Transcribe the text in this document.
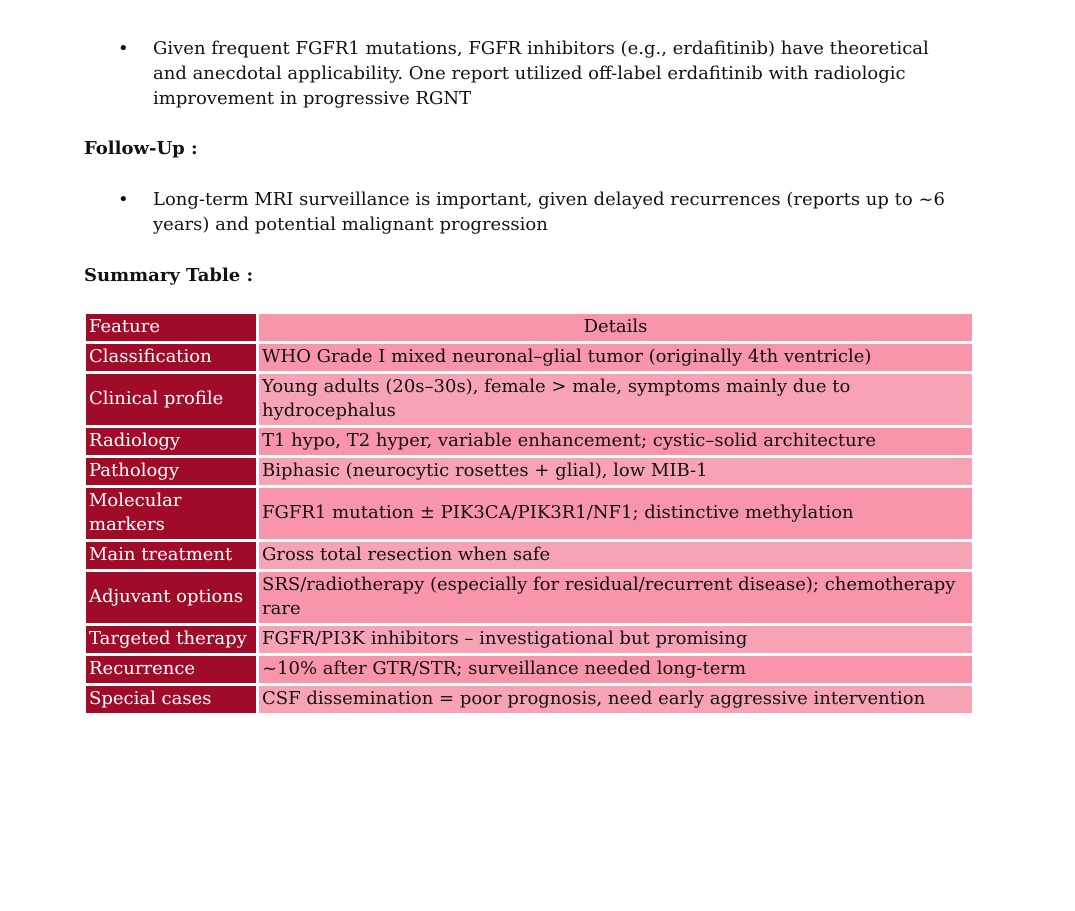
• Given frequent FGFR1 mutations, FGFR inhibitors (e.g., erdafitinib) have theoretical and anecdotal applicability. One report utilized off-label erdafitinib with radiologic improvement in progressive RGNT
Follow-Up :
• Long-term MRI surveillance is important, given delayed recurrences (reports up to ~6 years) and potential malignant progression
Summary Table :
Feature	Details
Classification	WHO Grade I mixed neuronal–glial tumor (originally 4th ventricle)
Clinical profile	Young adults (20s–30s), female > male, symptoms mainly due to hydrocephalus
Radiology	T1 hypo, T2 hyper, variable enhancement; cystic–solid architecture
Pathology	Biphasic (neurocytic rosettes + glial), low MIB-1
Molecular markers	FGFR1 mutation ± PIK3CA/PIK3R1/NF1; distinctive methylation
Main treatment	Gross total resection when safe
Adjuvant options	SRS/radiotherapy (especially for residual/recurrent disease); chemotherapy rare
Targeted therapy	FGFR/PI3K inhibitors – investigational but promising
Recurrence	~10% after GTR/STR; surveillance needed long-term
Special cases	CSF dissemination = poor prognosis, need early aggressive intervention
